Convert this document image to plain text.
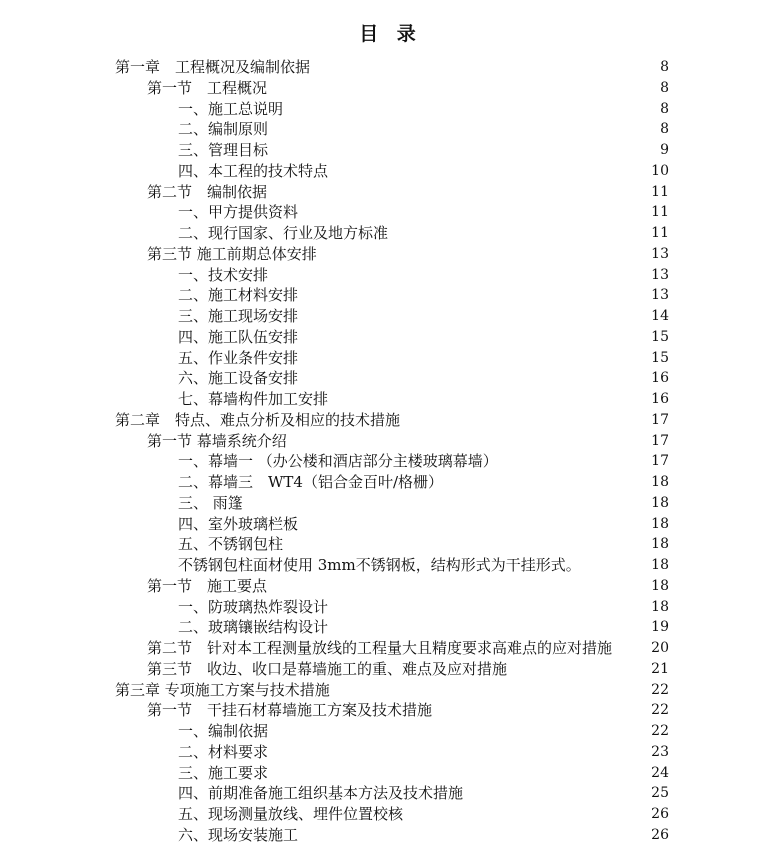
目 录
第一章　工程概况及编制依据	8
第一节　工程概况	8
一、施工总说明	8
二、编制原则	8
三、管理目标	9
四、本工程的技术特点	10
第二节　编制依据	11
一、甲方提供资料	11
二、现行国家、行业及地方标准	11
第三节 施工前期总体安排	13
一、技术安排	13
二、施工材料安排	13
三、施工现场安排	14
四、施工队伍安排	15
五、作业条件安排	15
六、施工设备安排	16
七、幕墙构件加工安排	16
第二章　特点、难点分析及相应的技术措施	17
第一节 幕墙系统介绍	17
一、幕墙一 （办公楼和酒店部分主楼玻璃幕墙）	17
二、幕墙三　WT4（铝合金百叶/格栅）	18
三、 雨篷	18
四、室外玻璃栏板	18
五、不锈钢包柱	18
不锈钢包柱面材使用 3mm不锈钢板，结构形式为干挂形式。	18
第一节　施工要点	18
一、防玻璃热炸裂设计	18
二、玻璃镶嵌结构设计	19
第二节　针对本工程测量放线的工程量大且精度要求高难点的应对措施	20
第三节　收边、收口是幕墙施工的重、难点及应对措施	21
第三章 专项施工方案与技术措施	22
第一节　干挂石材幕墙施工方案及技术措施	22
一、编制依据	22
二、材料要求	23
三、施工要求	24
四、前期准备施工组织基本方法及技术措施	25
五、现场测量放线、埋件位置校核	26
六、现场安装施工	26
